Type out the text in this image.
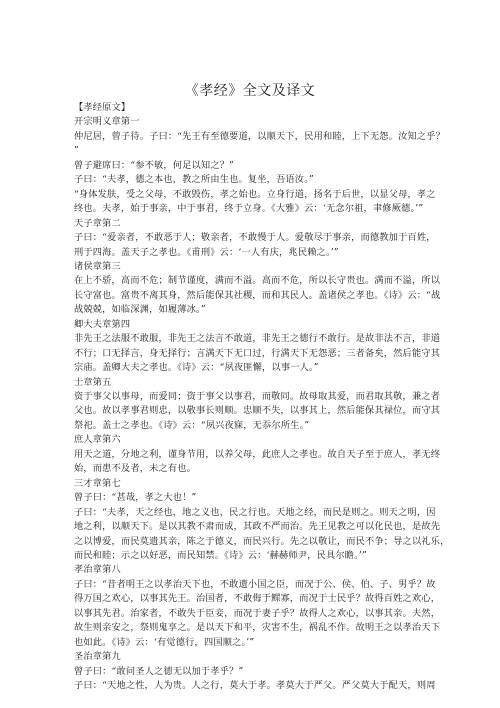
《孝经》全文及译文
【孝经原文】
开宗明义章第一
仲尼居，曾子待。子曰：“先王有至德要道，以顺天下，民用和睦，上下无怨。汝知之乎？
”
曾子避席曰：“参不敏，何足以知之？”
子曰：“夫孝，德之本也，教之所由生也。复坐，吾语汝。”
“身体发肤，受之父母，不敢毁伤，孝之始也。立身行道，扬名于后世，以显父母，孝之
终也。夫孝，始于事亲，中于事君，终于立身。《大雅》云：‘无念尔祖，聿修厥德。’”
天子章第二
子曰：“爱亲者，不敢恶于人；敬亲者，不敢慢于人。爱敬尽于事亲，而德教加于百姓，
刑于四海。盖天子之孝也。《甫刑》云：‘一人有庆，兆民赖之。’”
诸侯章第三
在上不骄，高而不危；制节谨度，满而不溢。高而不危，所以长守贵也。满而不溢，所以
长守富也。富贵不离其身，然后能保其社稷，而和其民人。盖诸侯之孝也。《诗》云：“战
战兢兢，如临深渊，如履薄冰。”
卿大夫章第四
非先王之法服不敢服，非先王之法言不敢道，非先王之德行不敢行。是故非法不言，非道
不行；口无择言，身无择行；言满天下无口过，行满天下无怨恶；三者备矣，然后能守其
宗庙。盖卿大夫之孝也。《诗》云：“夙夜匪懈，以事一人。”
士章第五
资于事父以事母，而爱同；资于事父以事君，而敬同。故母取其爱，而君取其敬，兼之者
父也。故以孝事君则忠，以敬事长则顺。忠顺不失，以事其上，然后能保其禄位，而守其
祭祀。盖士之孝也。《诗》云：“夙兴夜寐，无忝尔所生。”
庶人章第六
用天之道，分地之利，谨身节用，以养父母，此庶人之孝也。故自天子至于庶人，孝无终
始，而患不及者，未之有也。
三才章第七
曾子曰：“甚哉，孝之大也！”
子曰：“夫孝，天之经也，地之义也，民之行也。天地之经，而民是则之。则天之明，因
地之利，以顺天下。是以其教不肃而成，其政不严而治。先王见教之可以化民也，是故先
之以博爱，而民莫遗其亲，陈之于德义，而民兴行。先之以敬让，而民不争；导之以礼乐，
而民和睦；示之以好恶，而民知禁。《诗》云：‘赫赫师尹，民具尔瞻。’”
孝治章第八
子曰：“昔者明王之以孝治天下也，不敢遗小国之臣，而况于公、侯、伯、子、男乎？故
得万国之欢心，以事其先王。治国者，不敢侮于鳏寡，而况于士民乎？故得百姓之欢心，
以事其先君。治家者，不敢失于臣妾，而况于妻子乎？故得人之欢心，以事其亲。夫然，
故生则亲安之，祭则鬼享之。是以天下和平，灾害不生，祸乱不作。故明王之以孝治天下
也如此。《诗》云：‘有觉德行，四国顺之。’”
圣治章第九
曾子曰：“敢问圣人之德无以加于孝乎？”
子曰：“天地之性，人为贵。人之行，莫大于孝。孝莫大于严父。严父莫大于配天，则周
